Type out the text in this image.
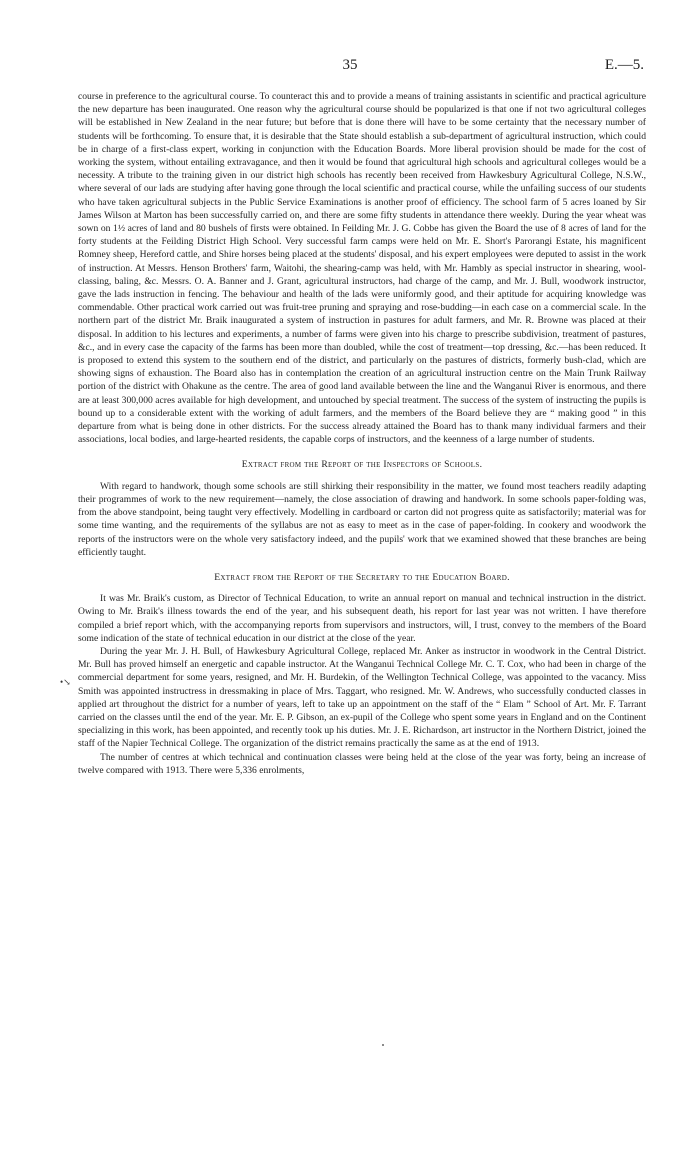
35	E.—5.
•↘

course in preference to the agricultural course. To counteract this and to provide a means of training assistants in scientific and practical agriculture the new departure has been inaugurated. One reason why the agricultural course should be popularized is that one if not two agricultural colleges will be established in New Zealand in the near future; but before that is done there will have to be some certainty that the necessary number of students will be forthcoming. To ensure that, it is desirable that the State should establish a sub-department of agricultural instruction, which could be in charge of a first-class expert, working in conjunction with the Education Boards. More liberal provision should be made for the cost of working the system, without entailing extravagance, and then it would be found that agricultural high schools and agricultural colleges would be a necessity. A tribute to the training given in our district high schools has recently been received from Hawkesbury Agricultural College, N.S.W., where several of our lads are studying after having gone through the local scientific and practical course, while the unfailing success of our students who have taken agricultural subjects in the Public Service Examinations is another proof of efficiency. The school farm of 5 acres loaned by Sir James Wilson at Marton has been successfully carried on, and there are some fifty students in attendance there weekly. During the year wheat was sown on 1½ acres of land and 80 bushels of firsts were obtained. In Feilding Mr. J. G. Cobbe has given the Board the use of 8 acres of land for the forty students at the Feilding District High School. Very successful farm camps were held on Mr. E. Short's Parorangi Estate, his magnificent Romney sheep, Hereford cattle, and Shire horses being placed at the students' disposal, and his expert employees were deputed to assist in the work of instruction. At Messrs. Henson Brothers' farm, Waitohi, the shearing-camp was held, with Mr. Hambly as special instructor in shearing, wool-classing, baling, &c. Messrs. O. A. Banner and J. Grant, agricultural instructors, had charge of the camp, and Mr. J. Bull, woodwork instructor, gave the lads instruction in fencing. The behaviour and health of the lads were uniformly good, and their aptitude for acquiring knowledge was commendable. Other practical work carried out was fruit-tree pruning and spraying and rose-budding—in each case on a commercial scale. In the northern part of the district Mr. Braik inaugurated a system of instruction in pastures for adult farmers, and Mr. R. Browne was placed at their disposal. In addition to his lectures and experiments, a number of farms were given into his charge to prescribe subdivision, treatment of pastures, &c., and in every case the capacity of the farms has been more than doubled, while the cost of treatment—top dressing, &c.—has been reduced. It is proposed to extend this system to the southern end of the district, and particularly on the pastures of districts, formerly bush-clad, which are showing signs of exhaustion. The Board also has in contemplation the creation of an agricultural instruction centre on the Main Trunk Railway portion of the district with Ohakune as the centre. The area of good land available between the line and the Wanganui River is enormous, and there are at least 300,000 acres available for high development, and untouched by special treatment. The success of the system of instructing the pupils is bound up to a considerable extent with the working of adult farmers, and the members of the Board believe they are “ making good ” in this departure from what is being done in other districts. For the success already attained the Board has to thank many individual farmers and their associations, local bodies, and large-hearted residents, the capable corps of instructors, and the keenness of a large number of students.

Extract from the Report of the Inspectors of Schools.

With regard to handwork, though some schools are still shirking their responsibility in the matter, we found most teachers readily adapting their programmes of work to the new requirement—namely, the close association of drawing and handwork. In some schools paper-folding was, from the above standpoint, being taught very effectively. Modelling in cardboard or carton did not progress quite as satisfactorily; material was for some time wanting, and the requirements of the syllabus are not as easy to meet as in the case of paper-folding. In cookery and woodwork the reports of the instructors were on the whole very satisfactory indeed, and the pupils' work that we examined showed that these branches are being efficiently taught.

Extract from the Report of the Secretary to the Education Board.

It was Mr. Braik's custom, as Director of Technical Education, to write an annual report on manual and technical instruction in the district. Owing to Mr. Braik's illness towards the end of the year, and his subsequent death, his report for last year was not written. I have therefore compiled a brief report which, with the accompanying reports from supervisors and instructors, will, I trust, convey to the members of the Board some indication of the state of technical education in our district at the close of the year.

During the year Mr. J. H. Bull, of Hawkesbury Agricultural College, replaced Mr. Anker as instructor in woodwork in the Central District. Mr. Bull has proved himself an energetic and capable instructor. At the Wanganui Technical College Mr. C. T. Cox, who had been in charge of the commercial department for some years, resigned, and Mr. H. Burdekin, of the Wellington Technical College, was appointed to the vacancy. Miss Smith was appointed instructress in dressmaking in place of Mrs. Taggart, who resigned. Mr. W. Andrews, who successfully conducted classes in applied art throughout the district for a number of years, left to take up an appointment on the staff of the “ Elam ” School of Art. Mr. F. Tarrant carried on the classes until the end of the year. Mr. E. P. Gibson, an ex-pupil of the College who spent some years in England and on the Continent specializing in this work, has been appointed, and recently took up his duties. Mr. J. E. Richardson, art instructor in the Northern District, joined the staff of the Napier Technical College. The organization of the district remains practically the same as at the end of 1913.

The number of centres at which technical and continuation classes were being held at the close of the year was forty, being an increase of twelve compared with 1913. There were 5,336 enrolments,
